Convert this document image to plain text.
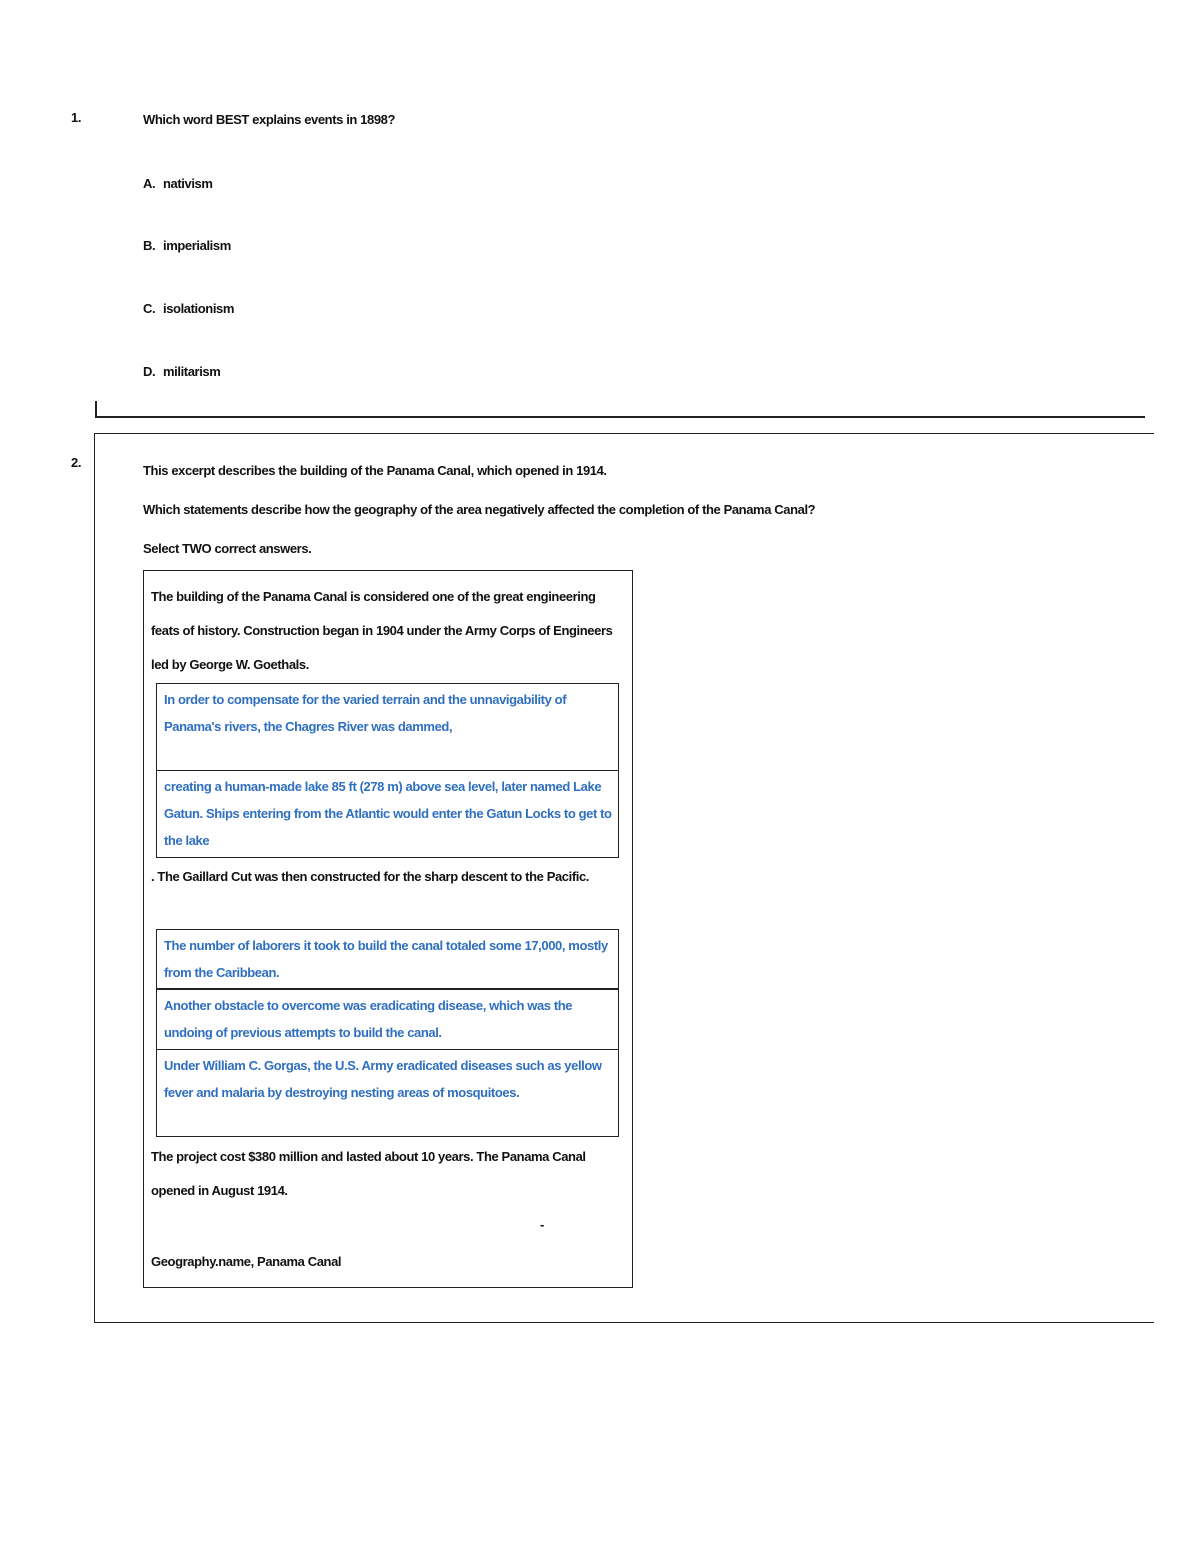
1.	Which word BEST explains events in 1898?
A. nativism
B. imperialism
C. isolationism
D. militarism
2.
This excerpt describes the building of the Panama Canal, which opened in 1914.
Which statements describe how the geography of the area negatively affected the completion of the Panama Canal?
Select TWO correct answers.
The building of the Panama Canal is considered one of the great engineering feats of history. Construction began in 1904 under the Army Corps of Engineers led by George W. Goethals.
In order to compensate for the varied terrain and the unnavigability of Panama's rivers, the Chagres River was dammed,
creating a human-made lake 85 ft (278 m) above sea level, later named Lake Gatun. Ships entering from the Atlantic would enter the Gatun Locks to get to the lake
. The Gaillard Cut was then constructed for the sharp descent to the Pacific.
The number of laborers it took to build the canal totaled some 17,000, mostly from the Caribbean.
Another obstacle to overcome was eradicating disease, which was the undoing of previous attempts to build the canal.
Under William C. Gorgas, the U.S. Army eradicated diseases such as yellow fever and malaria by destroying nesting areas of mosquitoes.
The project cost $380 million and lasted about 10 years. The Panama Canal opened in August 1914.
-
Geography.name, Panama Canal
